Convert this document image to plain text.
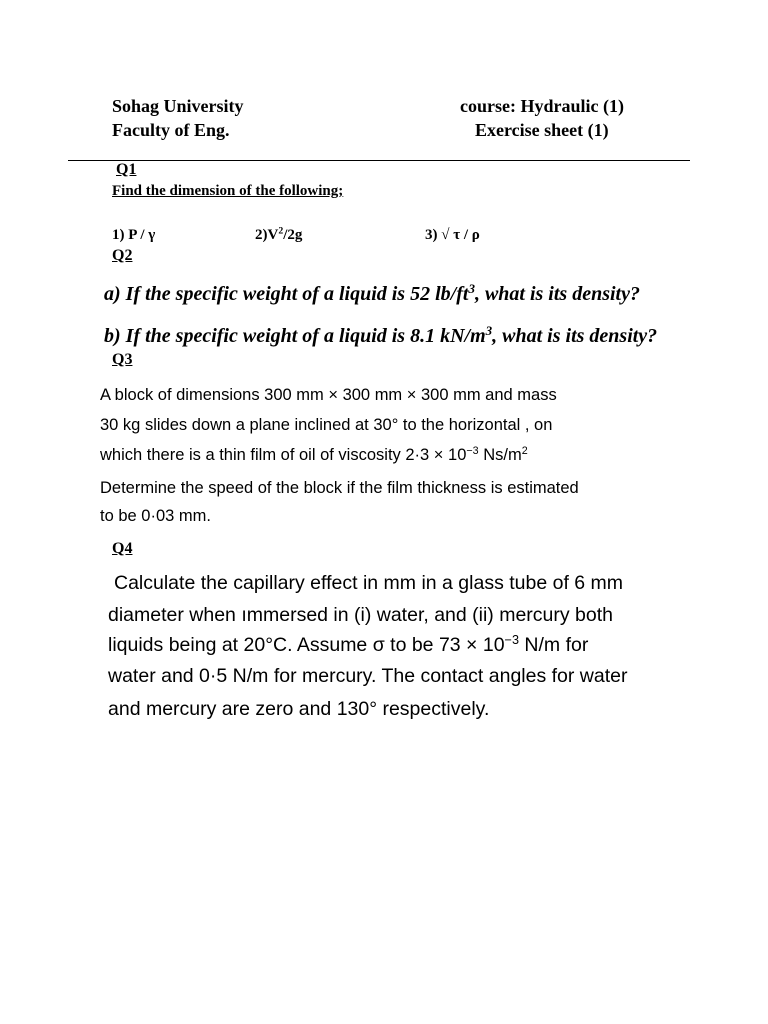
Sohag University
Faculty of Eng.
course: Hydraulic (1)
Exercise sheet (1)
Q1
Find the dimension of the following;
1) P / γ	$2)V^2/2g$	3) √ τ / ρ
Q2
a) If the specific weight of a liquid is 52 $lb/ft^3$, what is its density?
b) If the specific weight of a liquid is 8.1 $kN/m^3$, what is its density?
Q3
A block of dimensions 300 mm × 300 mm × 300 mm and mass
30 kg slides down a plane inclined at 30° to the horizontal , on
which there is a thin film of oil of viscosity $2\cdot 3 \times 10^{-3}$ $Ns/m^2$
Determine the speed of the block if the film thickness is estimated
to be 0·03 mm.
Q4
Calculate the capillary effect in mm in a glass tube of 6 mm
diameter when ımmersed in (i) water, and (ii) mercury both
liquids being at 20°C. Assume σ to be $73 \times 10^{-3}$ N/m for
water and 0·5 N/m for mercury. The contact angles for water
and mercury are zero and 130° respectively.
